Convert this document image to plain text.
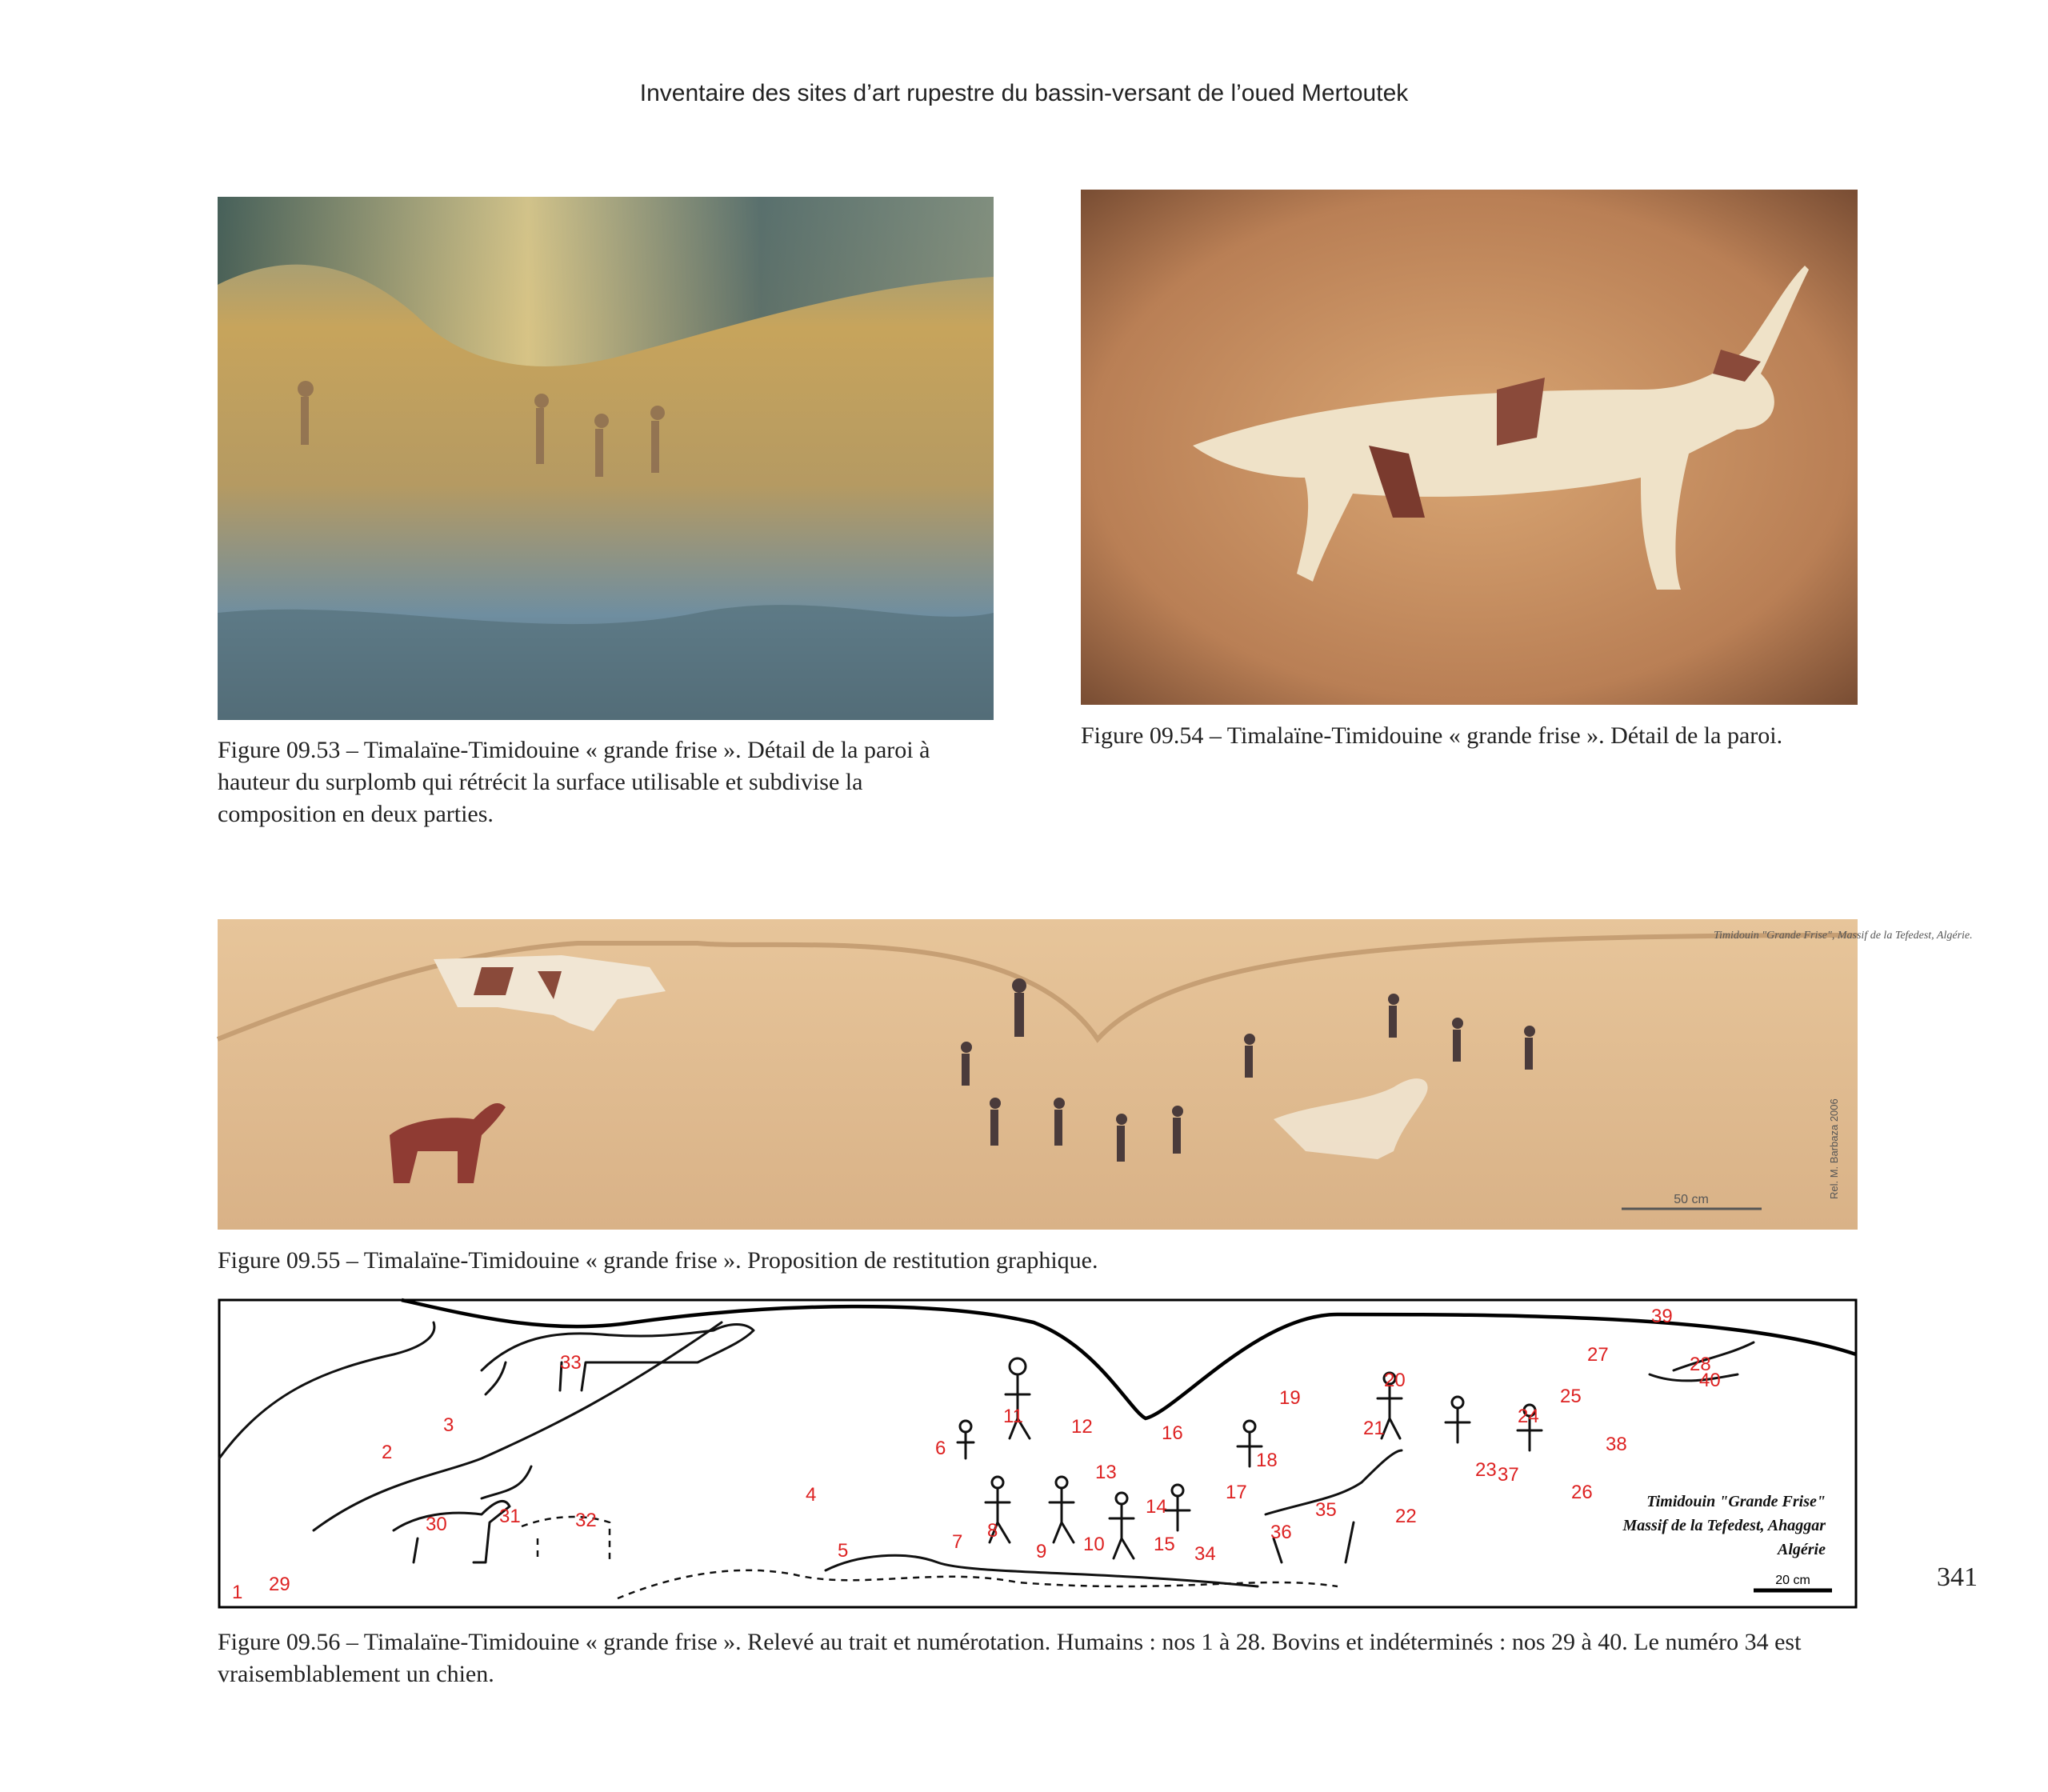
Inventaire des sites d’art rupestre du bassin-versant de l’oued Mertoutek
Figure 09.53 – Timalaïne-Timidouine « grande frise ». Détail de la paroi à hauteur du surplomb qui rétrécit la surface utilisable et subdivise la composition en deux parties.
Figure 09.54 – Timalaïne-Timidouine « grande frise ». Détail de la paroi.
Timidouin "Grande Frise", Massif de la Tefedest, Algérie.
50 cm
Rel. M. Barbaza 2006
Figure 09.55 – Timalaïne-Timidouine « grande frise ». Proposition de restitution graphique.
1
2
3
4
5
6
7
8
9 10
11	12
13
14
15
16
17
18
19
20
21
22
23
24
25
26
27	28
29
30	31	32
33
34
35
36
37
38
39
40
Timidouin "Grande Frise"
Massif de la Tefedest, Ahaggar
Algérie
20 cm
Figure 09.56 – Timalaïne-Timidouine « grande frise ». Relevé au trait et numérotation. Humains : nos 1 à 28. Bovins et indéterminés : nos 29 à 40. Le numéro 34 est vraisemblablement un chien.
341
